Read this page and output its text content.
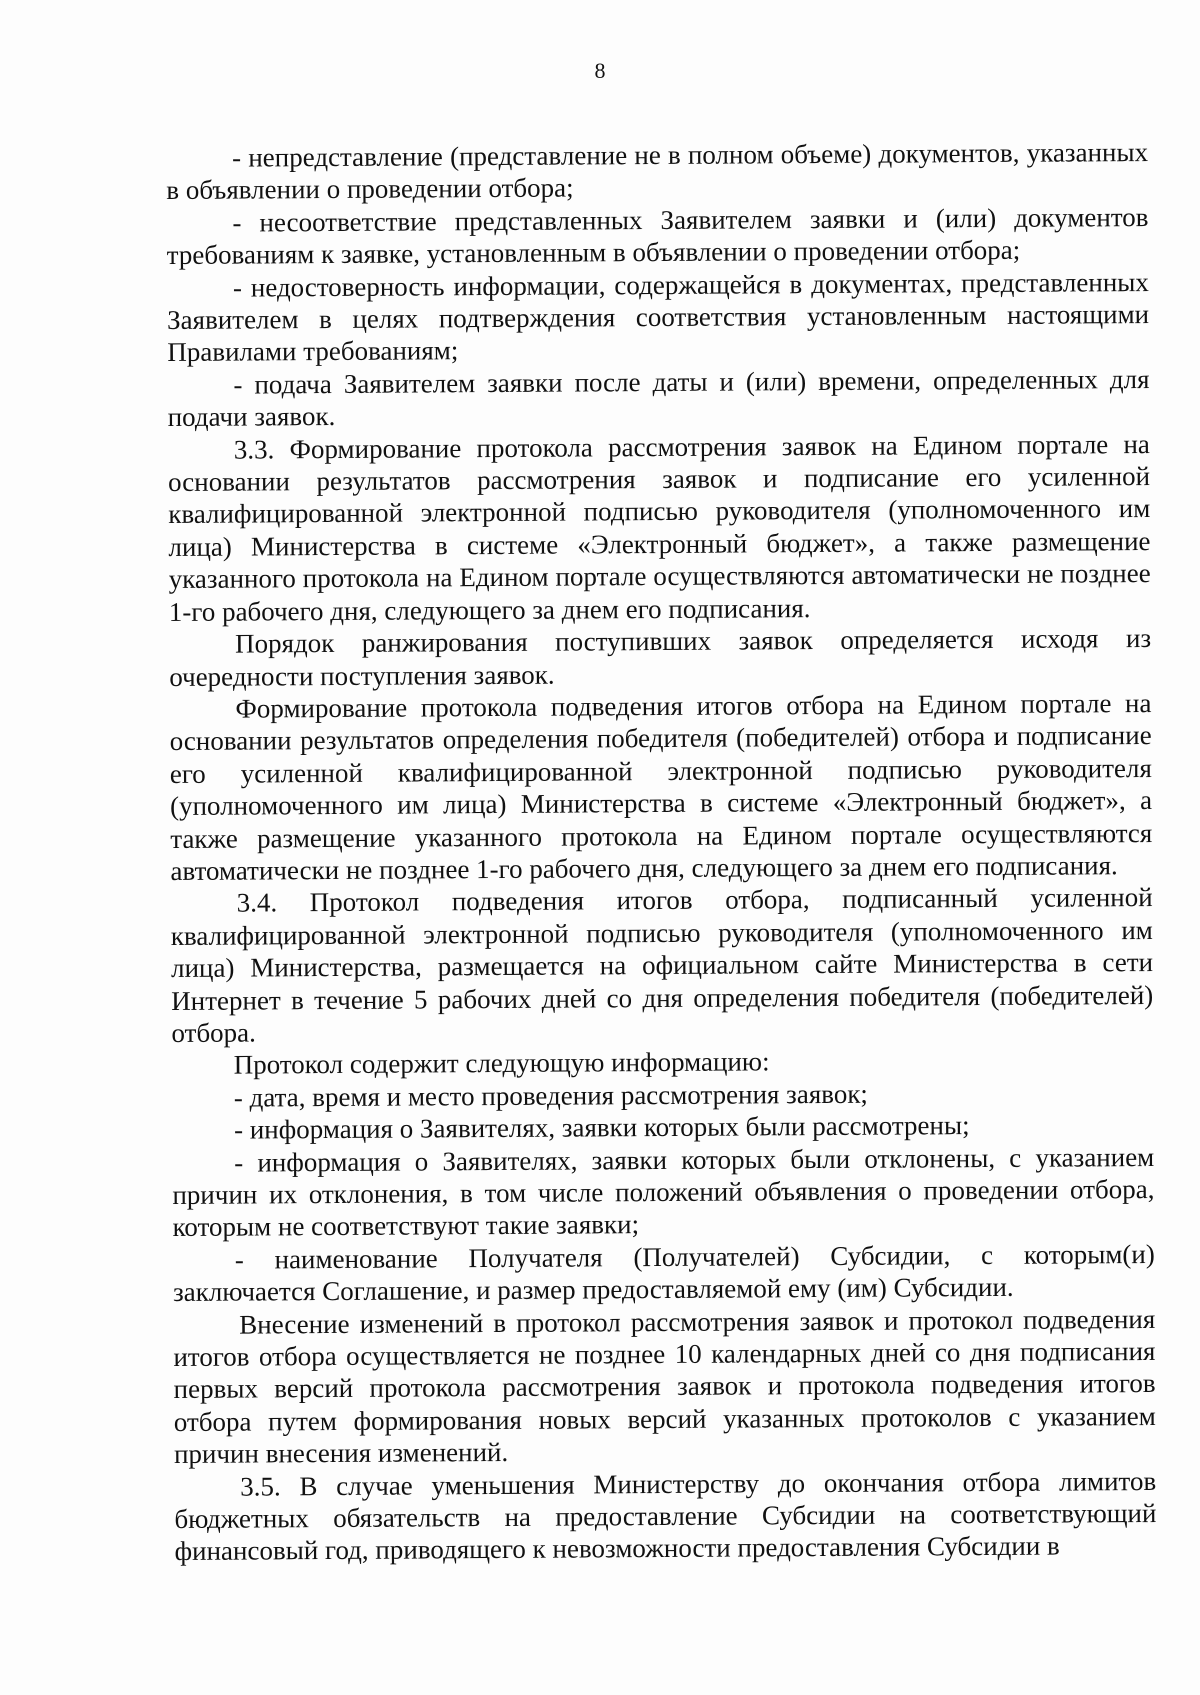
8

- непредставление (представление не в полном объеме) документов, указанных в объявлении о проведении отбора;

- несоответствие представленных Заявителем заявки и (или) документов требованиям к заявке, установленным в объявлении о проведении отбора;

- недостоверность информации, содержащейся в документах, представленных Заявителем в целях подтверждения соответствия установленным настоящими Правилами требованиям;

- подача Заявителем заявки после даты и (или) времени, определенных для подачи заявок.

3.3. Формирование протокола рассмотрения заявок на Едином портале на основании результатов рассмотрения заявок и подписание его усиленной квалифицированной электронной подписью руководителя (уполномоченного им лица) Министерства в системе «Электронный бюджет», а также размещение указанного протокола на Едином портале осуществляются автоматически не позднее 1-го рабочего дня, следующего за днем его подписания.

Порядок ранжирования поступивших заявок определяется исходя из очередности поступления заявок.

Формирование протокола подведения итогов отбора на Едином портале на основании результатов определения победителя (победителей) отбора и подписание его усиленной квалифицированной электронной подписью руководителя (уполномоченного им лица) Министерства в системе «Электронный бюджет», а также размещение указанного протокола на Едином портале осуществляются автоматически не позднее 1-го рабочего дня, следующего за днем его подписания.

3.4. Протокол подведения итогов отбора, подписанный усиленной квалифицированной электронной подписью руководителя (уполномоченного им лица) Министерства, размещается на официальном сайте Министерства в сети Интернет в течение 5 рабочих дней со дня определения победителя (победителей) отбора.

Протокол содержит следующую информацию:

- дата, время и место проведения рассмотрения заявок;

- информация о Заявителях, заявки которых были рассмотрены;

- информация о Заявителях, заявки которых были отклонены, с указанием причин их отклонения, в том числе положений объявления о проведении отбора, которым не соответствуют такие заявки;

- наименование Получателя (Получателей) Субсидии, с которым(и) заключается Соглашение, и размер предоставляемой ему (им) Субсидии.

Внесение изменений в протокол рассмотрения заявок и протокол подведения итогов отбора осуществляется не позднее 10 календарных дней со дня подписания первых версий протокола рассмотрения заявок и протокола подведения итогов отбора путем формирования новых версий указанных протоколов с указанием причин внесения изменений.

3.5. В случае уменьшения Министерству до окончания отбора лимитов бюджетных обязательств на предоставление Субсидии на соответствующий финансовый год, приводящего к невозможности предоставления Субсидии в
